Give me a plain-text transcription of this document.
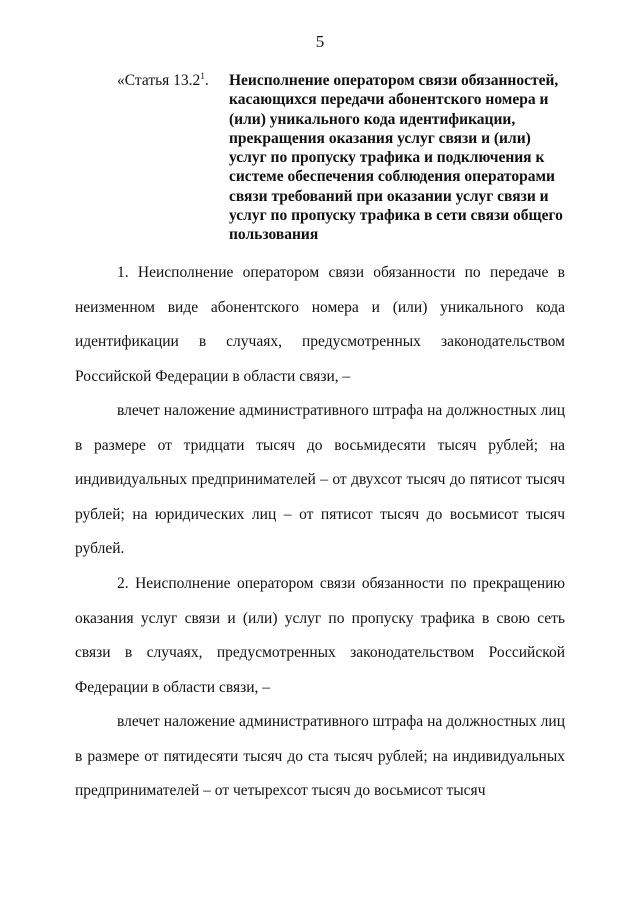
5
«Статья 13.2$^1$. Неисполнение оператором связи обязанностей, касающихся передачи абонентского номера и (или) уникального кода идентификации, прекращения оказания услуг связи и (или) услуг по пропуску трафика и подключения к системе обеспечения соблюдения операторами связи требований при оказании услуг связи и услуг по пропуску трафика в сети связи общего пользования

1. Неисполнение оператором связи обязанности по передаче в неизменном виде абонентского номера и (или) уникального кода идентификации в случаях, предусмотренных законодательством Российской Федерации в области связи, –

влечет наложение административного штрафа на должностных лиц в размере от тридцати тысяч до восьмидесяти тысяч рублей; на индивидуальных предпринимателей – от двухсот тысяч до пятисот тысяч рублей; на юридических лиц – от пятисот тысяч до восьмисот тысяч рублей.

2. Неисполнение оператором связи обязанности по прекращению оказания услуг связи и (или) услуг по пропуску трафика в свою сеть связи в случаях, предусмотренных законодательством Российской Федерации в области связи, –

влечет наложение административного штрафа на должностных лиц в размере от пятидесяти тысяч до ста тысяч рублей; на индивидуальных предпринимателей – от четырехсот тысяч до восьмисот тысяч
